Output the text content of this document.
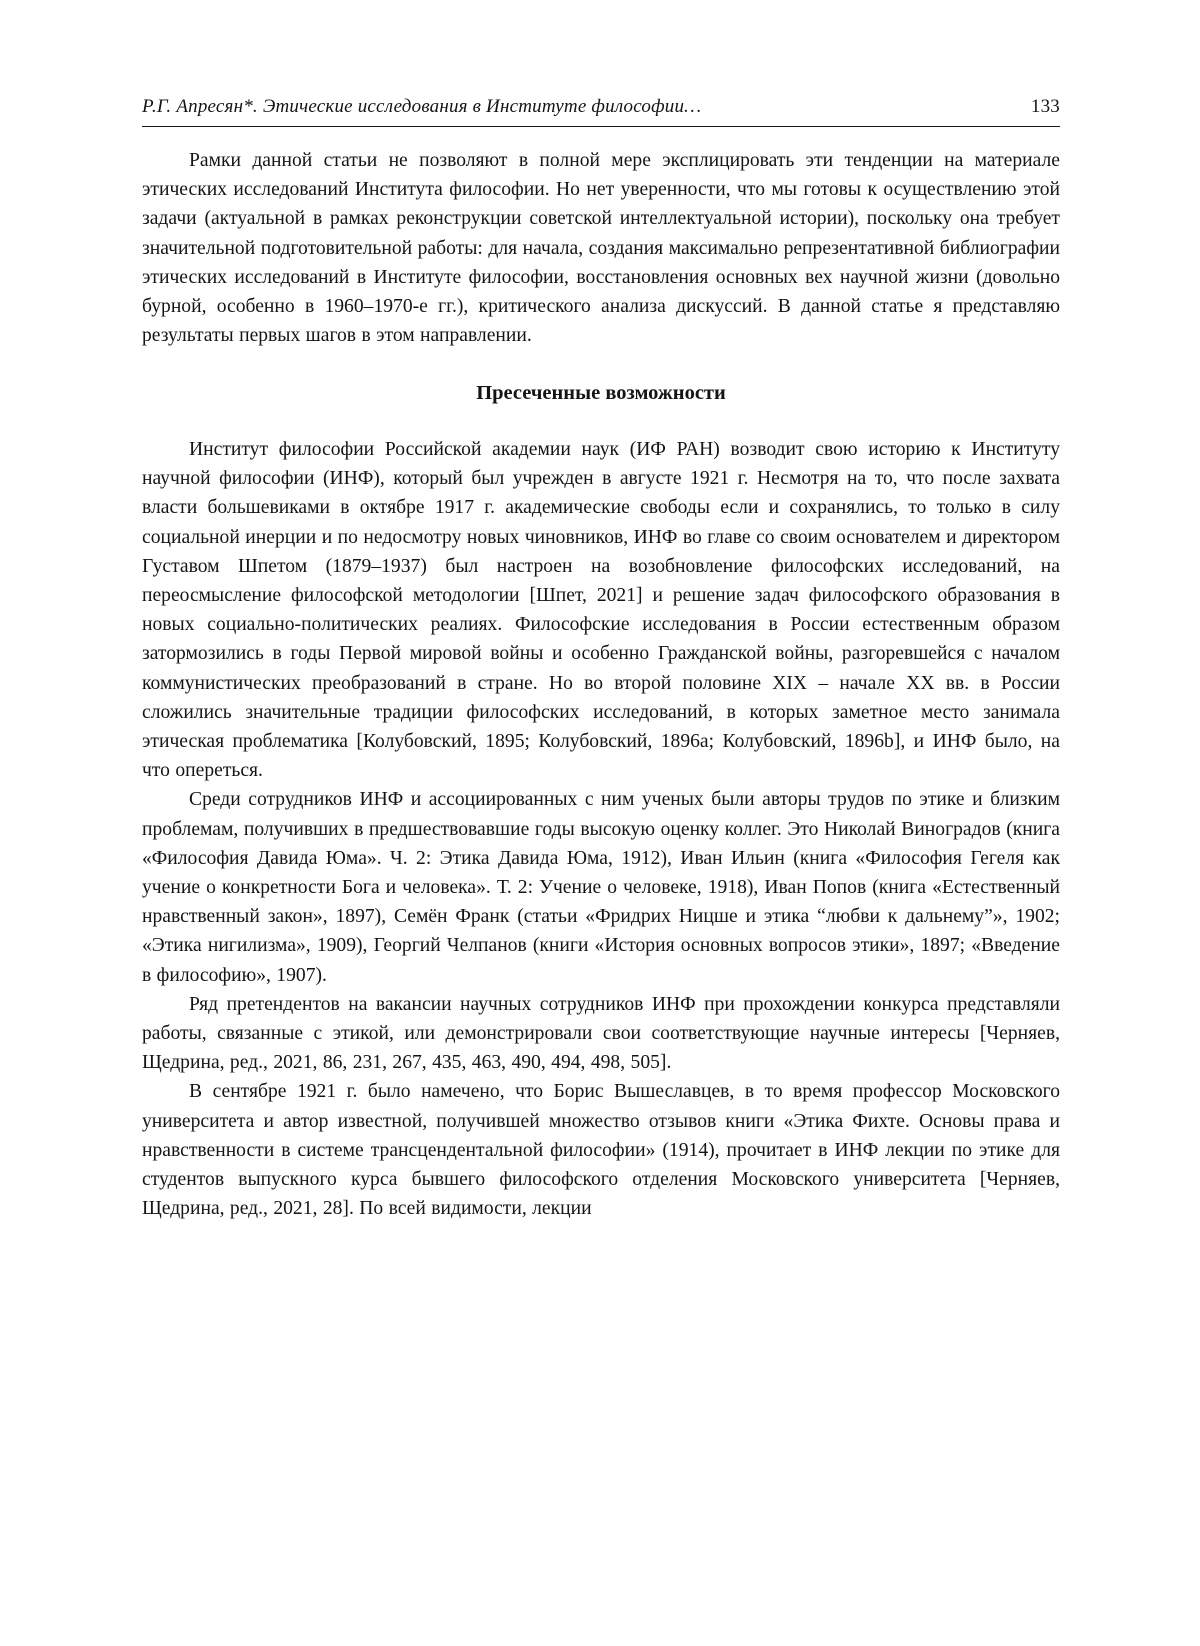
Р.Г. Апресян*. Этические исследования в Институте философии…	133

Рамки данной статьи не позволяют в полной мере эксплицировать эти тенденции на материале этических исследований Института философии. Но нет уверенности, что мы готовы к осуществлению этой задачи (актуальной в рамках реконструкции советской интеллектуальной истории), поскольку она требует значительной подготовительной работы: для начала, создания максимально репрезентативной библиографии этических исследований в Институте философии, восстановления основных вех научной жизни (довольно бурной, особенно в 1960–1970-е гг.), критического анализа дискуссий. В данной статье я представляю результаты первых шагов в этом направлении.

Пресеченные возможности

Институт философии Российской академии наук (ИФ РАН) возводит свою историю к Институту научной философии (ИНФ), который был учрежден в августе 1921 г. Несмотря на то, что после захвата власти большевиками в октябре 1917 г. академические свободы если и сохранялись, то только в силу социальной инерции и по недосмотру новых чиновников, ИНФ во главе со своим основателем и директором Густавом Шпетом (1879–1937) был настроен на возобновление философских исследований, на переосмысление философской методологии [Шпет, 2021] и решение задач философского образования в новых социально-политических реалиях. Философские исследования в России естественным образом затормозились в годы Первой мировой войны и особенно Гражданской войны, разгоревшейся с началом коммунистических преобразований в стране. Но во второй половине XIX – начале XX вв. в России сложились значительные традиции философских исследований, в которых заметное место занимала этическая проблематика [Колубовский, 1895; Колубовский, 1896a; Колубовский, 1896b], и ИНФ было, на что опереться.

Среди сотрудников ИНФ и ассоциированных с ним ученых были авторы трудов по этике и близким проблемам, получивших в предшествовавшие годы высокую оценку коллег. Это Николай Виноградов (книга «Философия Давида Юма». Ч. 2: Этика Давида Юма, 1912), Иван Ильин (книга «Философия Гегеля как учение о конкретности Бога и человека». Т. 2: Учение о человеке, 1918), Иван Попов (книга «Естественный нравственный закон», 1897), Семён Франк (статьи «Фридрих Ницше и этика “любви к дальнему”», 1902; «Этика нигилизма», 1909), Георгий Челпанов (книги «История основных вопросов этики», 1897; «Введение в философию», 1907).

Ряд претендентов на вакансии научных сотрудников ИНФ при прохождении конкурса представляли работы, связанные с этикой, или демонстрировали свои соответствующие научные интересы [Черняев, Щедрина, ред., 2021, 86, 231, 267, 435, 463, 490, 494, 498, 505].

В сентябре 1921 г. было намечено, что Борис Вышеславцев, в то время профессор Московского университета и автор известной, получившей множество отзывов книги «Этика Фихте. Основы права и нравственности в системе трансцендентальной философии» (1914), прочитает в ИНФ лекции по этике для студентов выпускного курса бывшего философского отделения Московского университета [Черняев, Щедрина, ред., 2021, 28]. По всей видимости, лекции
